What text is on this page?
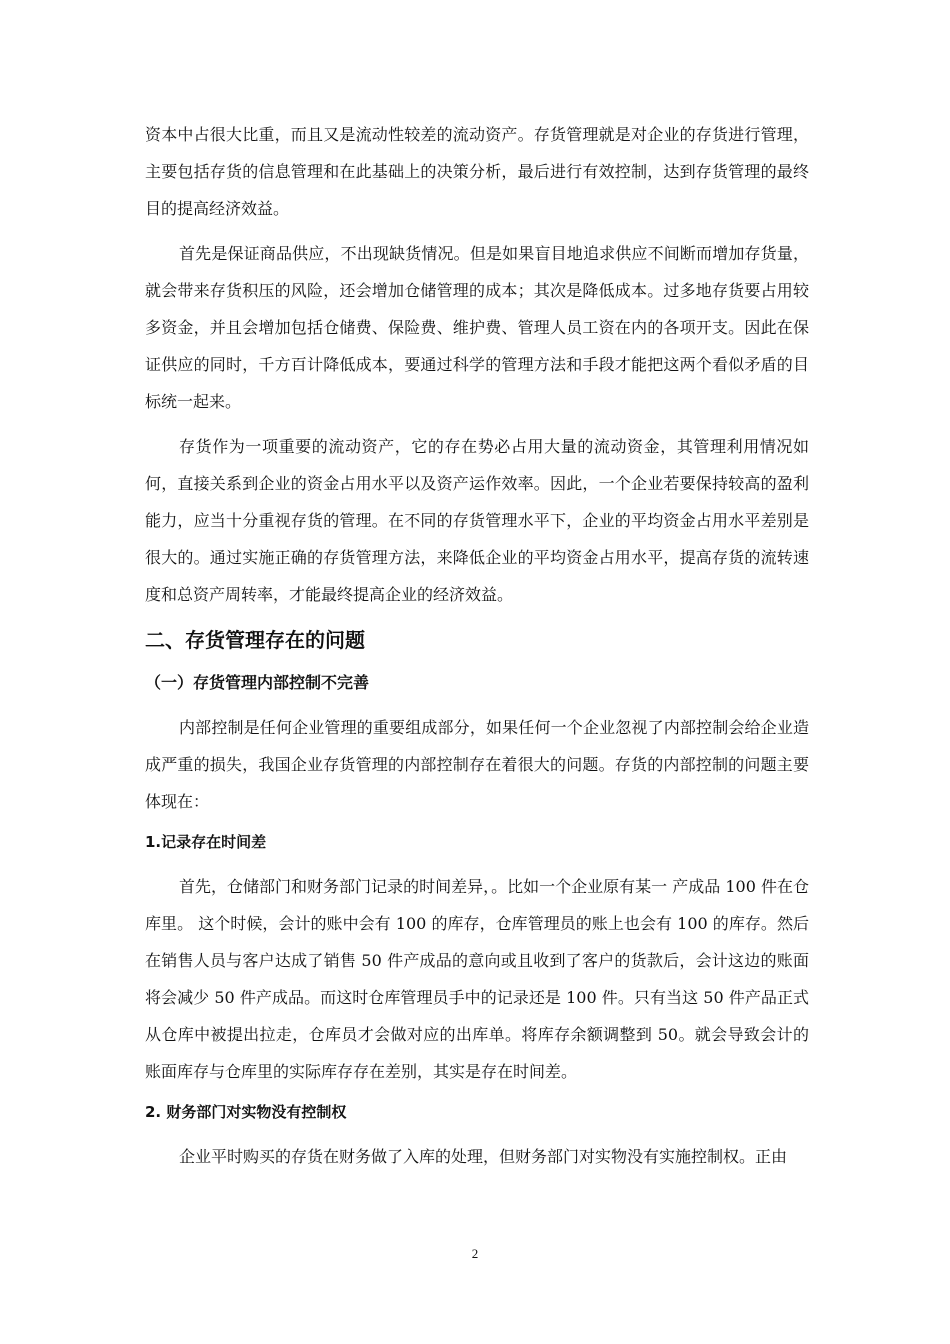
资本中占很大比重，而且又是流动性较差的流动资产。存货管理就是对企业的存货进行管理，主要包括存货的信息管理和在此基础上的决策分析，最后进行有效控制，达到存货管理的最终目的提高经济效益。

首先是保证商品供应，不出现缺货情况。但是如果盲目地追求供应不间断而增加存货量，就会带来存货积压的风险，还会增加仓储管理的成本；其次是降低成本。过多地存货要占用较多资金，并且会增加包括仓储费、保险费、维护费、管理人员工资在内的各项开支。因此在保证供应的同时，千方百计降低成本，要通过科学的管理方法和手段才能把这两个看似矛盾的目标统一起来。

存货作为一项重要的流动资产，它的存在势必占用大量的流动资金，其管理利用情况如何，直接关系到企业的资金占用水平以及资产运作效率。因此，一个企业若要保持较高的盈利能力，应当十分重视存货的管理。在不同的存货管理水平下，企业的平均资金占用水平差别是很大的。通过实施正确的存货管理方法，来降低企业的平均资金占用水平，提高存货的流转速度和总资产周转率，才能最终提高企业的经济效益。

二、存货管理存在的问题
（一）存货管理内部控制不完善

内部控制是任何企业管理的重要组成部分，如果任何一个企业忽视了内部控制会给企业造成严重的损失，我国企业存货管理的内部控制存在着很大的问题。存货的内部控制的问题主要体现在：

1.记录存在时间差

首先，仓储部门和财务部门记录的时间差异，。比如一个企业原有某一 产成品 100 件在仓库里。 这个时候，会计的账中会有 100 的库存，仓库管理员的账上也会有 100 的库存。然后在销售人员与客户达成了销售 50 件产成品的意向或且收到了客户的货款后，会计这边的账面将会减少 50 件产成品。而这时仓库管理员手中的记录还是 100 件。只有当这 50 件产品正式从仓库中被提出拉走，仓库员才会做对应的出库单。将库存余额调整到 50。就会导致会计的账面库存与仓库里的实际库存存在差别，其实是存在时间差。

2. 财务部门对实物没有控制权

企业平时购买的存货在财务做了入库的处理，但财务部门对实物没有实施控制权。正由

2
